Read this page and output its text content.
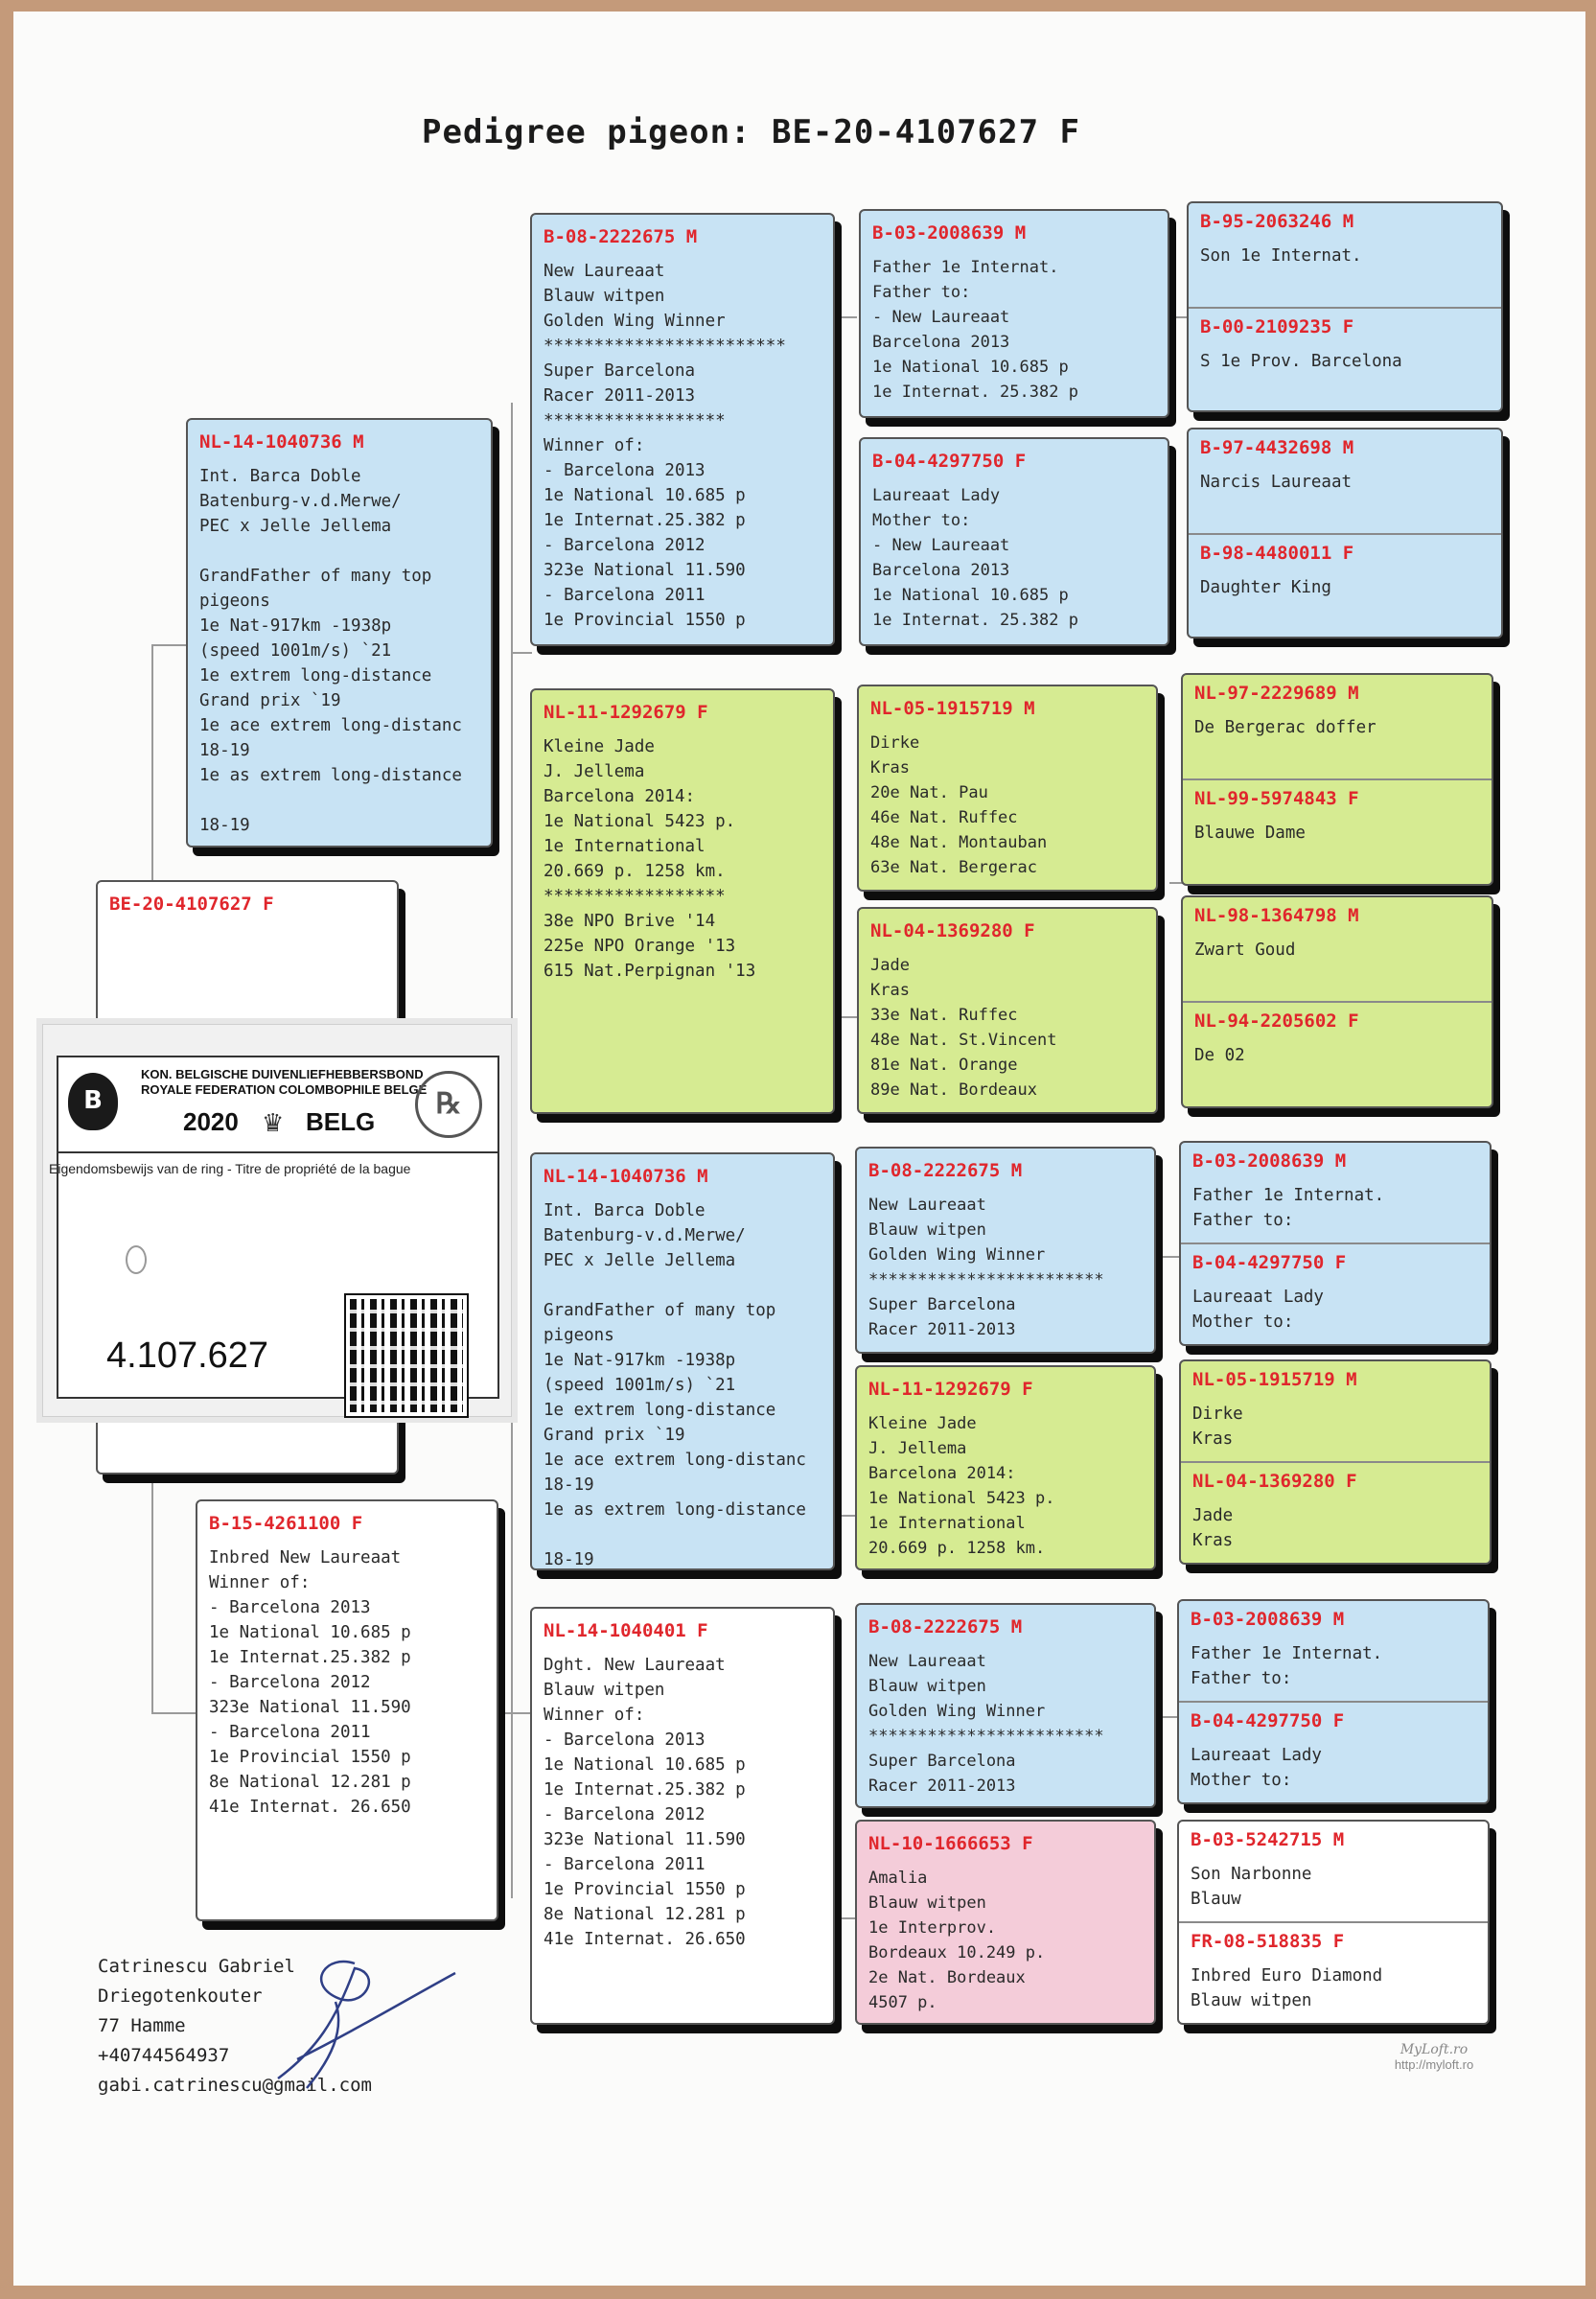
Pedigree pigeon: BE-20-4107627 F
BE-20-4107627 F
B
KON. BELGISCHE DUIVENLIEFHEBBERSBOND
ROYALE FEDERATION COLOMBOPHILE BELGE
2020 ♛ BELG
℞
Eigendomsbewijs van de ring - Titre de propriété de la bague
4.107.627
NL-14-1040736 M
Int. Barca Doble
Batenburg-v.d.Merwe/
PEC x Jelle Jellema

GrandFather of many top
pigeons
1e Nat-917km -1938p
(speed 1001m/s) `21
1e extrem long-distance
Grand prix `19
1e ace extrem long-distanc
18-19
1e as extrem long-distance

18-19
B-15-4261100 F
Inbred New Laureaat
Winner of:
- Barcelona 2013
1e National 10.685 p
1e Internat.25.382 p
- Barcelona 2012
323e National 11.590
- Barcelona 2011
1e Provincial 1550 p
8e National 12.281 p
41e Internat. 26.650
B-08-2222675 M
New Laureaat
Blauw witpen
Golden Wing Winner
************************
Super Barcelona
Racer 2011-2013
******************
Winner of:
- Barcelona 2013
1e National 10.685 p
1e Internat.25.382 p
- Barcelona 2012
323e National 11.590
- Barcelona 2011
1e Provincial 1550 p
NL-11-1292679 F
Kleine Jade
J. Jellema
Barcelona 2014:
1e National 5423 p.
1e International
20.669 p. 1258 km.
******************
38e NPO Brive '14
225e NPO Orange '13
615 Nat.Perpignan '13
NL-14-1040736 M
Int. Barca Doble
Batenburg-v.d.Merwe/
PEC x Jelle Jellema

GrandFather of many top
pigeons
1e Nat-917km -1938p
(speed 1001m/s) `21
1e extrem long-distance
Grand prix `19
1e ace extrem long-distanc
18-19
1e as extrem long-distance

18-19
NL-14-1040401 F
Dght. New Laureaat
Blauw witpen
Winner of:
- Barcelona 2013
1e National 10.685 p
1e Internat.25.382 p
- Barcelona 2012
323e National 11.590
- Barcelona 2011
1e Provincial 1550 p
8e National 12.281 p
41e Internat. 26.650
B-03-2008639 M
Father 1e Internat.
Father to:
- New Laureaat
Barcelona 2013
1e National 10.685 p
1e Internat. 25.382 p
B-04-4297750 F
Laureaat Lady
Mother to:
- New Laureaat
Barcelona 2013
1e National 10.685 p
1e Internat. 25.382 p
NL-05-1915719 M
Dirke
Kras
20e Nat. Pau
46e Nat. Ruffec
48e Nat. Montauban
63e Nat. Bergerac
NL-04-1369280 F
Jade
Kras
33e Nat. Ruffec
48e Nat. St.Vincent
81e Nat. Orange
89e Nat. Bordeaux
B-08-2222675 M
New Laureaat
Blauw witpen
Golden Wing Winner
************************
Super Barcelona
Racer 2011-2013
NL-11-1292679 F
Kleine Jade
J. Jellema
Barcelona 2014:
1e National 5423 p.
1e International
20.669 p. 1258 km.
B-08-2222675 M
New Laureaat
Blauw witpen
Golden Wing Winner
************************
Super Barcelona
Racer 2011-2013
NL-10-1666653 F
Amalia
Blauw witpen
1e Interprov.
Bordeaux 10.249 p.
2e Nat. Bordeaux
4507 p.
B-95-2063246 M
Son 1e Internat.
B-00-2109235 F
S 1e Prov. Barcelona
B-97-4432698 M
Narcis Laureaat
B-98-4480011 F
Daughter King
NL-97-2229689 M
De Bergerac doffer
NL-99-5974843 F
Blauwe Dame
NL-98-1364798 M
Zwart Goud
NL-94-2205602 F
De 02
B-03-2008639 M
Father 1e Internat.
Father to:
B-04-4297750 F
Laureaat Lady
Mother to:
NL-05-1915719 M
Dirke
Kras
NL-04-1369280 F
Jade
Kras
B-03-2008639 M
Father 1e Internat.
Father to:
B-04-4297750 F
Laureaat Lady
Mother to:
B-03-5242715 M
Son Narbonne
Blauw
FR-08-518835 F
Inbred Euro Diamond
Blauw witpen
Catrinescu Gabriel
Driegotenkouter
77 Hamme
+40744564937
gabi.catrinescu@gmail.com
MyLoft.ro
http://myloft.ro
